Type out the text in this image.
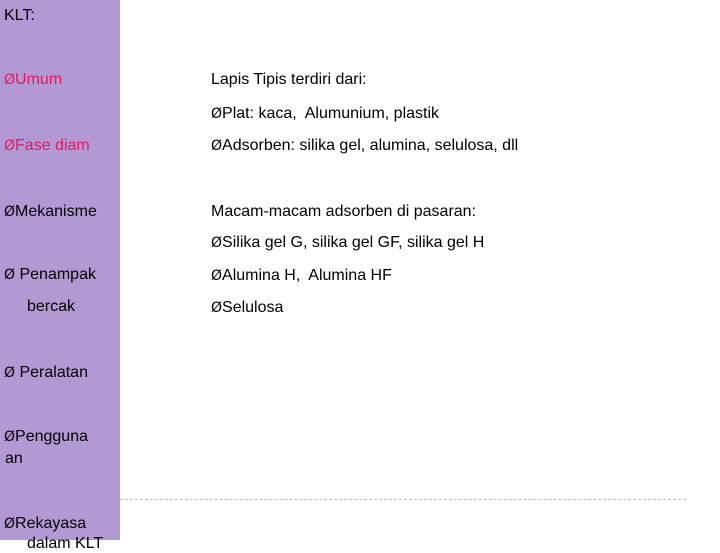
KLT:
ØUmum
ØFase diam
ØMekanisme
Ø Penampak
bercak
Ø Peralatan
ØPengguna
an
ØRekayasa
dalam KLT
Lapis Tipis terdiri dari:
ØPlat: kaca,  Alumunium, plastik
ØAdsorben: silika gel, alumina, selulosa, dll
Macam-macam adsorben di pasaran:
ØSilika gel G, silika gel GF, silika gel H
ØAlumina H,  Alumina HF
ØSelulosa
